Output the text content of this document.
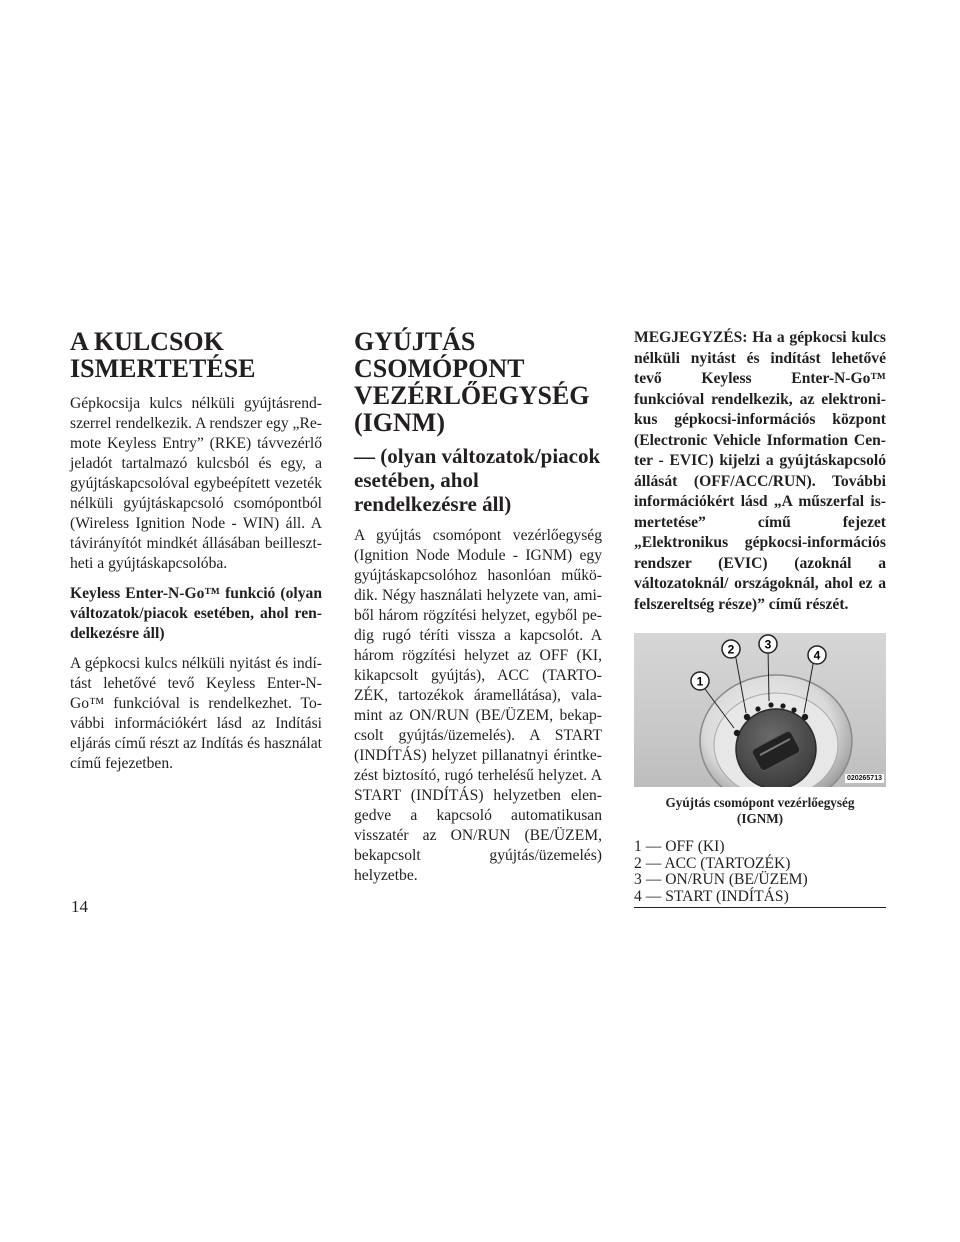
A KULCSOK
ISMERTETÉSE

Gépkocsija kulcs nélküli gyújtásrendszerrel rendelkezik. A rendszer egy „Remote Keyless Entry” (RKE) távvezérlő jeladót tartalmazó kulcsból és egy, a gyújtáskapcsolóval egybeépített vezeték nélküli gyújtáskapcsoló csomópontból (Wireless Ignition Node - WIN) áll. A távirányítót mindkét állásában beillesztheti a gyújtáskapcsolóba.

Keyless Enter-N-Go™ funkció (olyan változatok/piacok esetében, ahol rendelkezésre áll)

A gépkocsi kulcs nélküli nyitást és indítást lehetővé tevő Keyless Enter-N-Go™ funkcióval is rendelkezhet. További információkért lásd az Indítási eljárás című részt az Indítás és használat című fejezetben.

GYÚJTÁS CSOMÓPONT
VEZÉRLŐEGYSÉG (IGNM)
— (olyan változatok/piacok esetében, ahol rendelkezésre áll)

A gyújtás csomópont vezérlőegység (Ignition Node Module - IGNM) egy gyújtáskapcsolóhoz hasonlóan működik. Négy használati helyzete van, amiből három rögzítési helyzet, egyből pedig rugó téríti vissza a kapcsolót. A három rögzítési helyzet az OFF (KI, kikapcsolt gyújtás), ACC (TARTOZÉK, tartozékok áramellátása), valamint az ON/RUN (BE/ÜZEM, bekapcsolt gyújtás/üzemelés). A START (INDÍTÁS) helyzet pillanatnyi érintkezést biztosító, rugó terhelésű helyzet. A START (INDÍTÁS) helyzetben elengedve a kapcsoló automatikusan visszatér az ON/RUN (BE/ÜZEM, bekapcsolt gyújtás/üzemelés) helyzetbe.

MEGJEGYZÉS: Ha a gépkocsi kulcs nélküli nyitást és indítást lehetővé tevő Keyless Enter-N-Go™ funkcióval rendelkezik, az elektronikus gépkocsi-információs központ (Electronic Vehicle Information Center - EVIC) kijelzi a gyújtáskapcsoló állását (OFF/ACC/RUN). További információkért lásd „A műszerfal ismertetése” című fejezet „Elektronikus gépkocsi-információs rendszer (EVIC) (azoknál a változatoknál/ országoknál, ahol ez a felszereltség része)” című részét.

1
2	3
4
020265713

Gyújtás csomópont vezérlőegység
(IGNM)

1 — OFF (KI)
2 — ACC (TARTOZÉK)
3 — ON/RUN (BE/ÜZEM)
4 — START (INDÍTÁS)
14
